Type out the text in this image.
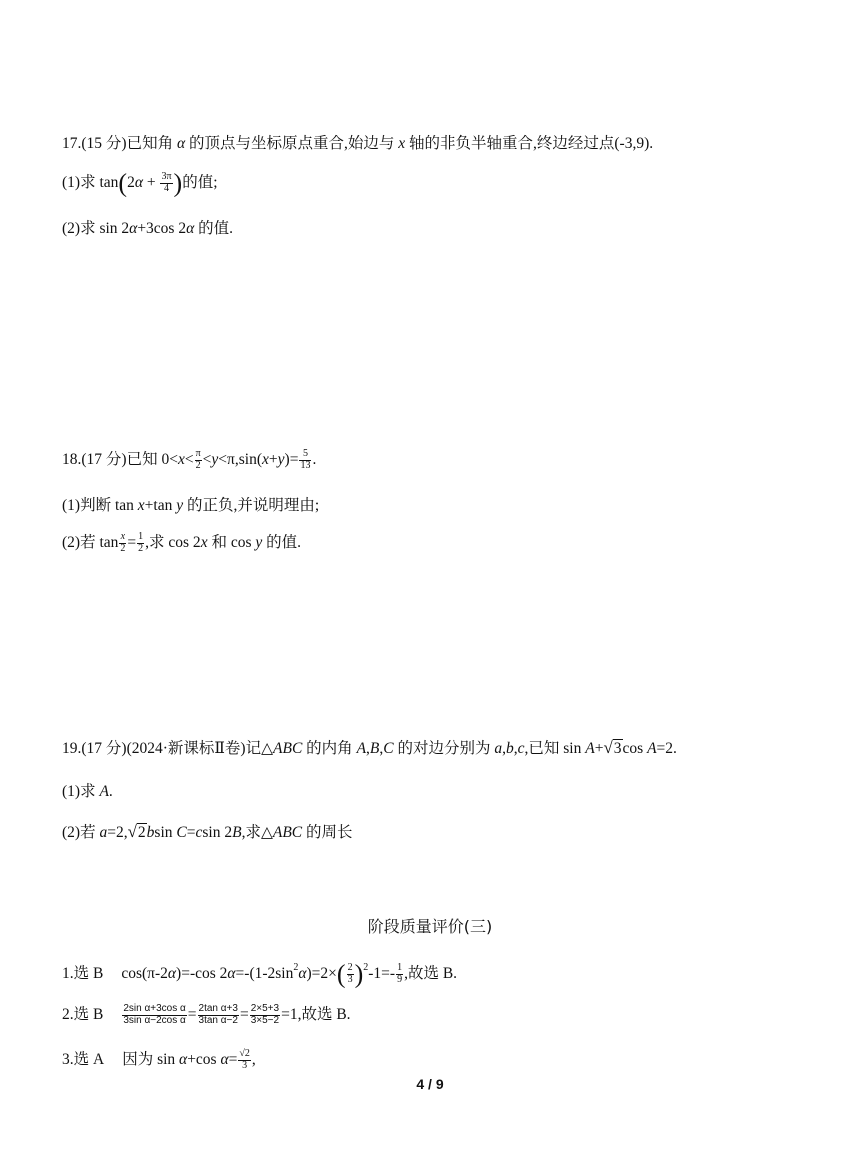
17.(15 分)已知角 α 的顶点与坐标原点重合,始边与 x 轴的非负半轴重合,终边经过点(-3,9).
(1)求 $\tan(2\alpha + \frac{3\pi}{4}$ )的值;
(2)求 sin 2α+3cos 2α 的值.
18.(17 分)已知 $0<x< \frac{\pi}{2} <y<\pi,\sin(x+y)= \frac{5}{13}$ .
(1)判断 tan x+tan y 的正负,并说明理由;
(2)若 $\tan \frac{x}{2} = \frac{1}{2}$ ,求 cos 2x 和 cos y 的值.
19.(17 分)(2024·新课标Ⅱ卷)记△ABC 的内角 A,B,C 的对边分别为 a,b,c,已知 sin A+√3cos A=2.
(1)求 A.
(2)若 a=2,√2bsin C=csin 2B,求△ABC 的周长
阶段质量评价(三)
1.选 B cos(π-2α)=-cos $2\alpha=-(1-2\sin^2\alpha)=2\times( \frac{2}{3} )^2-1=- \frac{1}{9}$ ,故选 B.
2.选 B $\frac{\text{2sin α+3cos α}}{\text{3sin α−2cos α}} = \frac{\text{2tan α+3}}{\text{3tan α−2}} = \frac{2\times 5+3}{3\times 5-2} =1$,故选 B.
3.选 A 因为 sin α+cos $\alpha= \frac{√2}{3}$ ,
4 / 9
